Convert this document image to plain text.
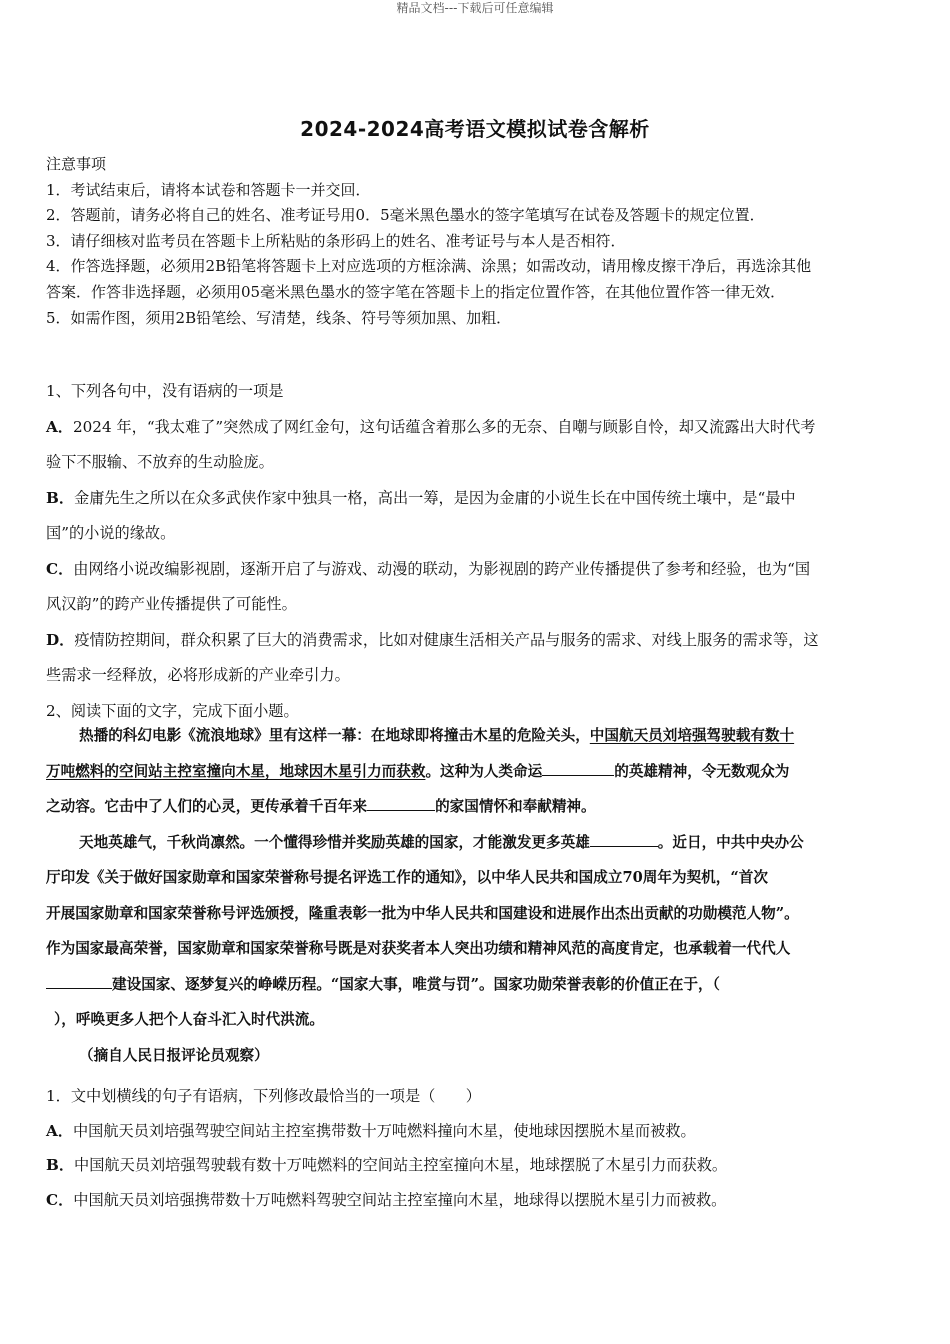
精品文档---下载后可任意编辑
2024-2024高考语文模拟试卷含解析
注意事项
1．考试结束后，请将本试卷和答题卡一并交回．
2．答题前，请务必将自己的姓名、准考证号用0．5毫米黑色墨水的签字笔填写在试卷及答题卡的规定位置．
3．请仔细核对监考员在答题卡上所粘贴的条形码上的姓名、准考证号与本人是否相符．
4．作答选择题，必须用2B铅笔将答题卡上对应选项的方框涂满、涂黑；如需改动，请用橡皮擦干净后，再选涂其他
答案．作答非选择题，必须用05毫米黑色墨水的签字笔在答题卡上的指定位置作答，在其他位置作答一律无效．
5．如需作图，须用2B铅笔绘、写清楚，线条、符号等须加黑、加粗．
1、下列各句中，没有语病的一项是
A．2024 年，“我太难了”突然成了网红金句，这句话蕴含着那么多的无奈、自嘲与顾影自怜，却又流露出大时代考
验下不服输、不放弃的生动脸庞。
B．金庸先生之所以在众多武侠作家中独具一格，高出一筹，是因为金庸的小说生长在中国传统土壤中，是“最中
国”的小说的缘故。
C．由网络小说改编影视剧，逐渐开启了与游戏、动漫的联动，为影视剧的跨产业传播提供了参考和经验，也为“国
风汉韵”的跨产业传播提供了可能性。
D．疫情防控期间，群众积累了巨大的消费需求，比如对健康生活相关产品与服务的需求、对线上服务的需求等，这
些需求一经释放，必将形成新的产业牵引力。
2、阅读下面的文字，完成下面小题。
热播的科幻电影《流浪地球》里有这样一幕：在地球即将撞击木星的危险关头，中国航天员刘培强驾驶载有数十
万吨燃料的空间站主控室撞向木星，地球因木星引力而获救。这种为人类命运	的英雄精神，令无数观众为
之动容。它击中了人们的心灵，更传承着千百年来	的家国情怀和奉献精神。
天地英雄气，千秋尚凛然。一个懂得珍惜并奖励英雄的国家，才能激发更多英雄	。近日，中共中央办公
厅印发《关于做好国家勋章和国家荣誉称号提名评选工作的通知》，以中华人民共和国成立70周年为契机，“首次
开展国家勋章和国家荣誉称号评选颁授，隆重表彰一批为中华人民共和国建设和进展作出杰出贡献的功勋模范人物”。
作为国家最高荣誉，国家勋章和国家荣誉称号既是对获奖者本人突出功绩和精神风范的高度肯定，也承载着一代代人
建设国家、逐梦复兴的峥嵘历程。“国家大事，唯赏与罚”。国家功勋荣誉表彰的价值正在于，（
），呼唤更多人把个人奋斗汇入时代洪流。
（摘自人民日报评论员观察）
1．文中划横线的句子有语病，下列修改最恰当的一项是（　　）
A．中国航天员刘培强驾驶空间站主控室携带数十万吨燃料撞向木星，使地球因摆脱木星而被救。
B．中国航天员刘培强驾驶载有数十万吨燃料的空间站主控室撞向木星，地球摆脱了木星引力而获救。
C．中国航天员刘培强携带数十万吨燃料驾驶空间站主控室撞向木星，地球得以摆脱木星引力而被救。
